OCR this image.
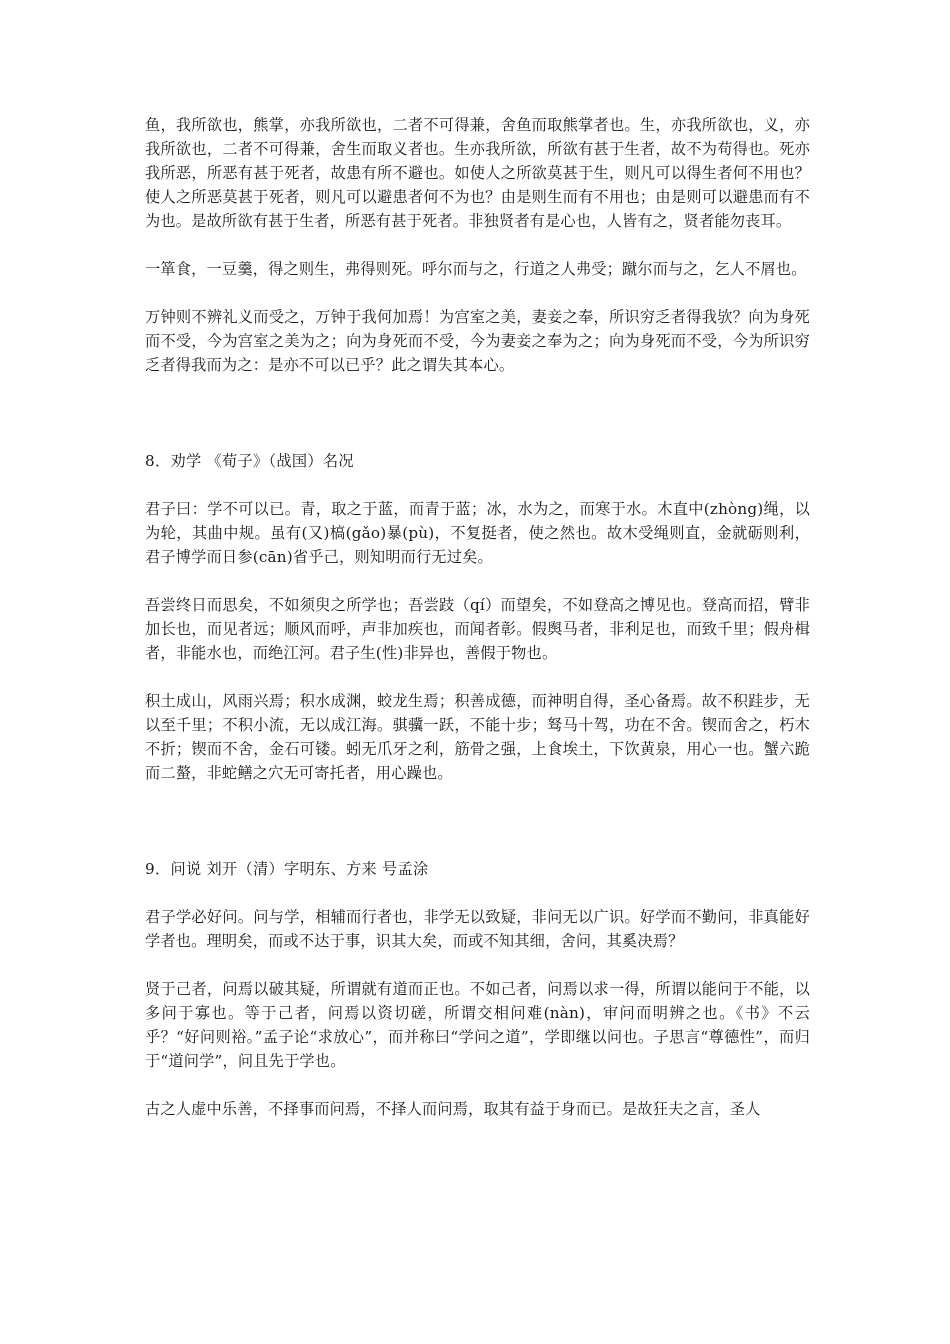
鱼，我所欲也，熊掌，亦我所欲也，二者不可得兼，舍鱼而取熊掌者也。生，亦我所欲也，义，亦我所欲也，二者不可得兼，舍生而取义者也。生亦我所欲，所欲有甚于生者，故不为苟得也。死亦我所恶，所恶有甚于死者，故患有所不避也。如使人之所欲莫甚于生，则凡可以得生者何不用也？使人之所恶莫甚于死者，则凡可以避患者何不为也？由是则生而有不用也；由是则可以避患而有不为也。是故所欲有甚于生者，所恶有甚于死者。非独贤者有是心也，人皆有之，贤者能勿丧耳。

一箪食，一豆羹，得之则生，弗得则死。呼尔而与之，行道之人弗受；蹴尔而与之，乞人不屑也。

万钟则不辨礼义而受之，万钟于我何加焉！为宫室之美，妻妾之奉，所识穷乏者得我欤？向为身死而不受，今为宫室之美为之；向为身死而不受，今为妻妾之奉为之；向为身死而不受，今为所识穷乏者得我而为之：是亦不可以已乎？此之谓失其本心。

8．劝学 《荀子》（战国）名况

君子曰：学不可以已。青，取之于蓝，而青于蓝；冰，水为之，而寒于水。木直中(zhòng)绳，以为轮，其曲中规。虽有(又)槁(gǎo)暴(pù)，不复挺者，使之然也。故木受绳则直，金就砺则利，君子博学而日参(cān)省乎己，则知明而行无过矣。

吾尝终日而思矣，不如须臾之所学也；吾尝跂（qí）而望矣，不如登高之博见也。登高而招，臂非加长也，而见者远；顺风而呼，声非加疾也，而闻者彰。假舆马者，非利足也，而致千里；假舟楫者，非能水也，而绝江河。君子生(性)非异也，善假于物也。

积土成山，风雨兴焉；积水成渊，蛟龙生焉；积善成德，而神明自得，圣心备焉。故不积跬步，无以至千里；不积小流，无以成江海。骐骥一跃，不能十步；驽马十驾，功在不舍。锲而舍之，朽木不折；锲而不舍，金石可镂。蚓无爪牙之利，筋骨之强，上食埃土，下饮黄泉，用心一也。蟹六跪而二螯，非蛇鳝之穴无可寄托者，用心躁也。

9．问说 刘开（清）字明东、方来 号孟涂

君子学必好问。问与学，相辅而行者也，非学无以致疑，非问无以广识。好学而不勤问，非真能好学者也。理明矣，而或不达于事，识其大矣，而或不知其细，舍问，其奚决焉？

贤于己者，问焉以破其疑，所谓就有道而正也。不如己者，问焉以求一得，所谓以能问于不能，以多问于寡也。等于己者，问焉以资切磋，所谓交相问难(nàn)，审问而明辨之也。《书》不云乎？“好问则裕。”孟子论“求放心”，而并称曰“学问之道”，学即继以问也。子思言“尊德性”，而归于“道问学”，问且先于学也。

古之人虚中乐善，不择事而问焉，不择人而问焉，取其有益于身而已。是故狂夫之言，圣人
